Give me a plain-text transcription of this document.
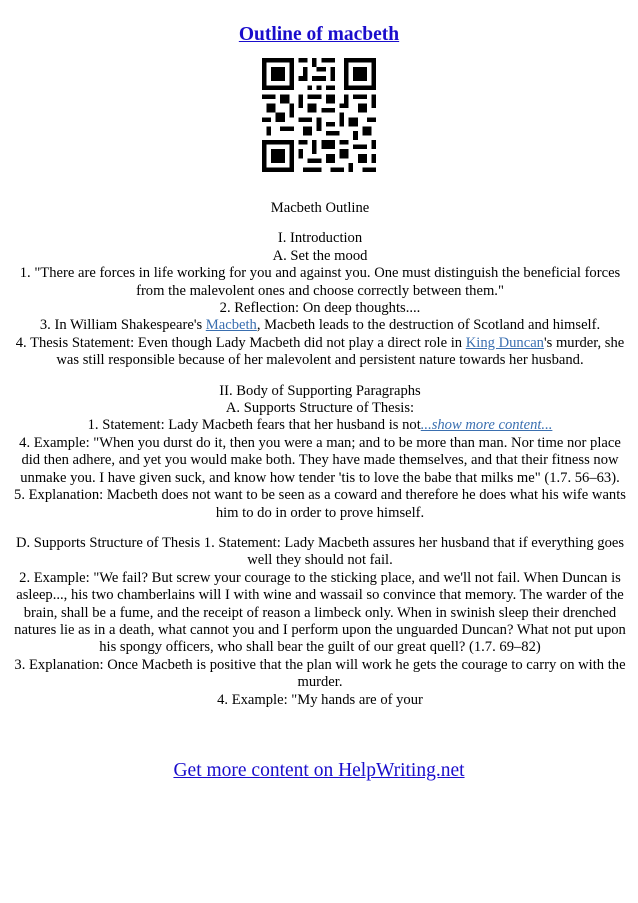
Outline of macbeth

Macbeth Outline

I. Introduction

A. Set the mood

1. "There are forces in life working for you and against you. One must distinguish the beneficial forces from the malevolent ones and choose correctly between them."

2. Reflection: On deep thoughts....

3. In William Shakespeare's Macbeth, Macbeth leads to the destruction of Scotland and himself.

4. Thesis Statement: Even though Lady Macbeth did not play a direct role in King Duncan's murder, she was still responsible because of her malevolent and persistent nature towards her husband.

II. Body of Supporting Paragraphs

A. Supports Structure of Thesis:

1. Statement: Lady Macbeth fears that her husband is not...show more content...

4. Example: "When you durst do it, then you were a man; and to be more than man. Nor time nor place did then adhere, and yet you would make both. They have made themselves, and that their fitness now unmake you. I have given suck, and know how tender 'tis to love the babe that milks me" (1.7. 56–63).

5. Explanation: Macbeth does not want to be seen as a coward and therefore he does what his wife wants him to do in order to prove himself.

D. Supports Structure of Thesis 1. Statement: Lady Macbeth assures her husband that if everything goes well they should not fail.

2. Example: "We fail? But screw your courage to the sticking place, and we'll not fail. When Duncan is asleep..., his two chamberlains will I with wine and wassail so convince that memory. The warder of the brain, shall be a fume, and the receipt of reason a limbeck only. When in swinish sleep their drenched natures lie as in a death, what cannot you and I perform upon the unguarded Duncan? What not put upon his spongy officers, who shall bear the guilt of our great quell? (1.7. 69–82)

3. Explanation: Once Macbeth is positive that the plan will work he gets the courage to carry on with the murder.

4. Example: "My hands are of your

Get more content on HelpWriting.net
